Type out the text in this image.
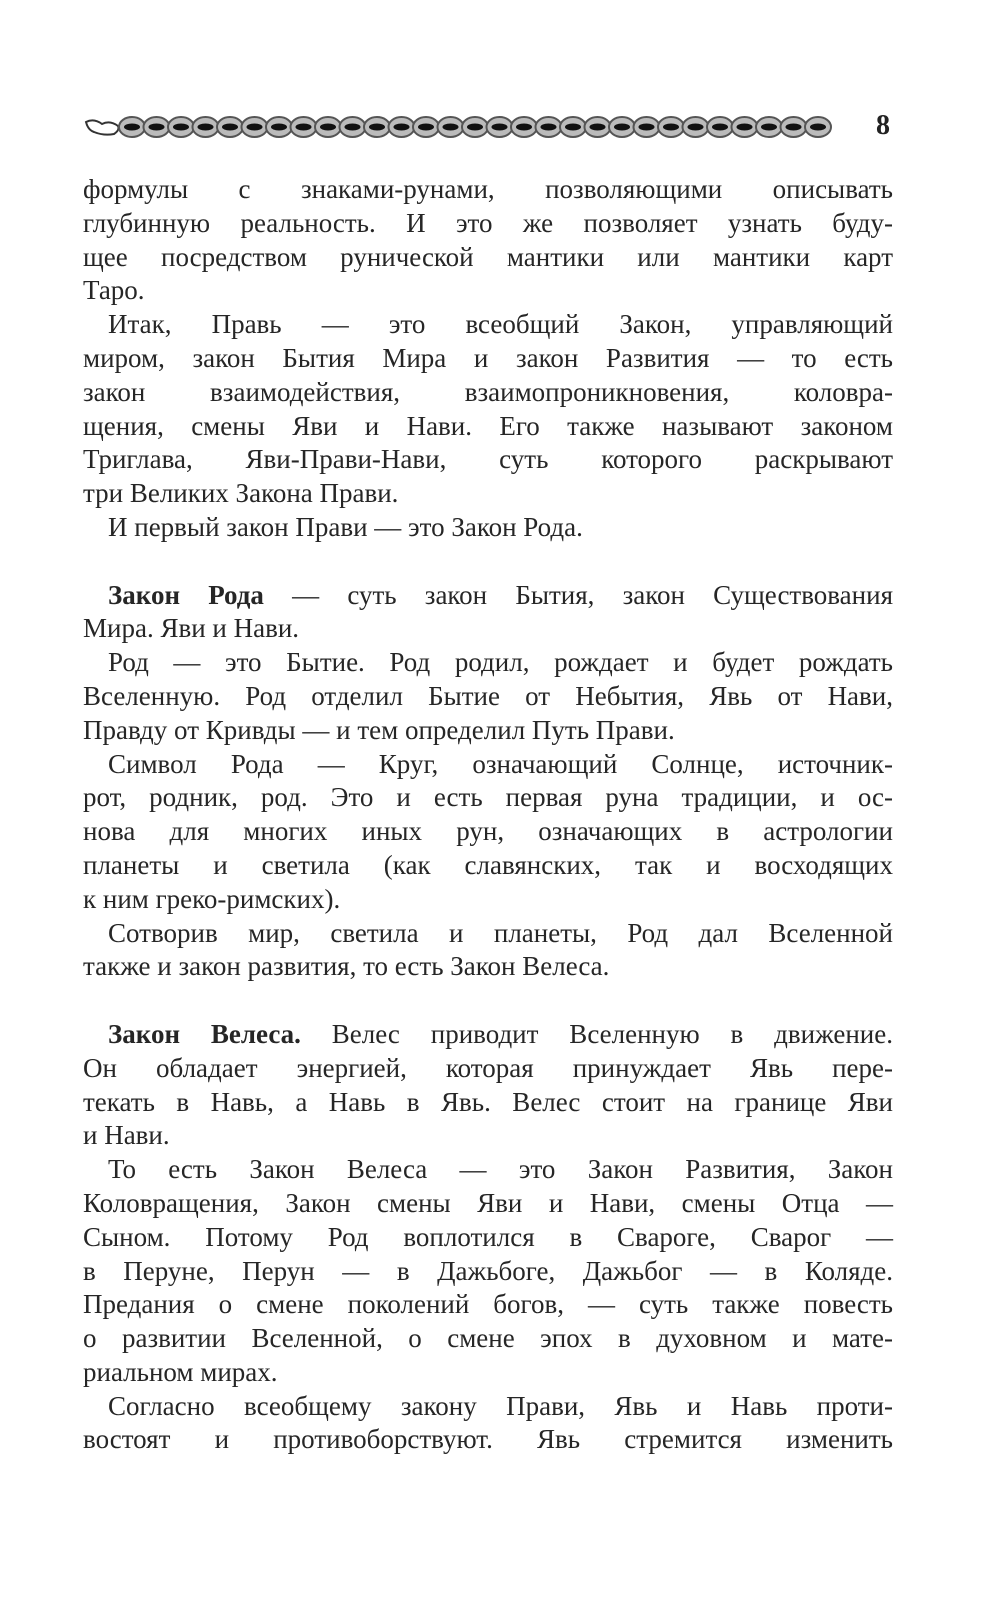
8
формулы с знаками-рунами, позволяющими описывать
глубинную реальность. И это же позволяет узнать буду-
щее посредством рунической мантики или мантики карт
Таро.
Итак, Правь — это всеобщий Закон, управляющий
миром, закон Бытия Мира и закон Развития — то есть
закон взаимодействия, взаимопроникновения, коловра-
щения, смены Яви и Нави. Его также называют законом
Триглава, Яви-Прави-Нави, суть которого раскрывают
три Великих Закона Прави.
И первый закон Прави — это Закон Рода.
Закон Рода — суть закон Бытия, закон Существования
Мира. Яви и Нави.
Род — это Бытие. Род родил, рождает и будет рождать
Вселенную. Род отделил Бытие от Небытия, Явь от Нави,
Правду от Кривды — и тем определил Путь Прави.
Символ Рода — Круг, означающий Солнце, источник-
рот, родник, род. Это и есть первая руна традиции, и ос-
нова для многих иных рун, означающих в астрологии
планеты и светила (как славянских, так и восходящих
к ним греко-римских).
Сотворив мир, светила и планеты, Род дал Вселенной
также и закон развития, то есть Закон Велеса.
Закон Велеса. Велес приводит Вселенную в движение.
Он обладает энергией, которая принуждает Явь пере-
текать в Навь, а Навь в Явь. Велес стоит на границе Яви
и Нави.
То есть Закон Велеса — это Закон Развития, Закон
Коловращения, Закон смены Яви и Нави, смены Отца —
Сыном. Потому Род воплотился в Свароге, Сварог —
в Перуне, Перун — в Дажьбоге, Дажьбог — в Коляде.
Предания о смене поколений богов, — суть также повесть
о развитии Вселенной, о смене эпох в духовном и мате-
риальном мирах.
Согласно всеобщему закону Прави, Явь и Навь проти-
востоят и противоборствуют. Явь стремится изменить
